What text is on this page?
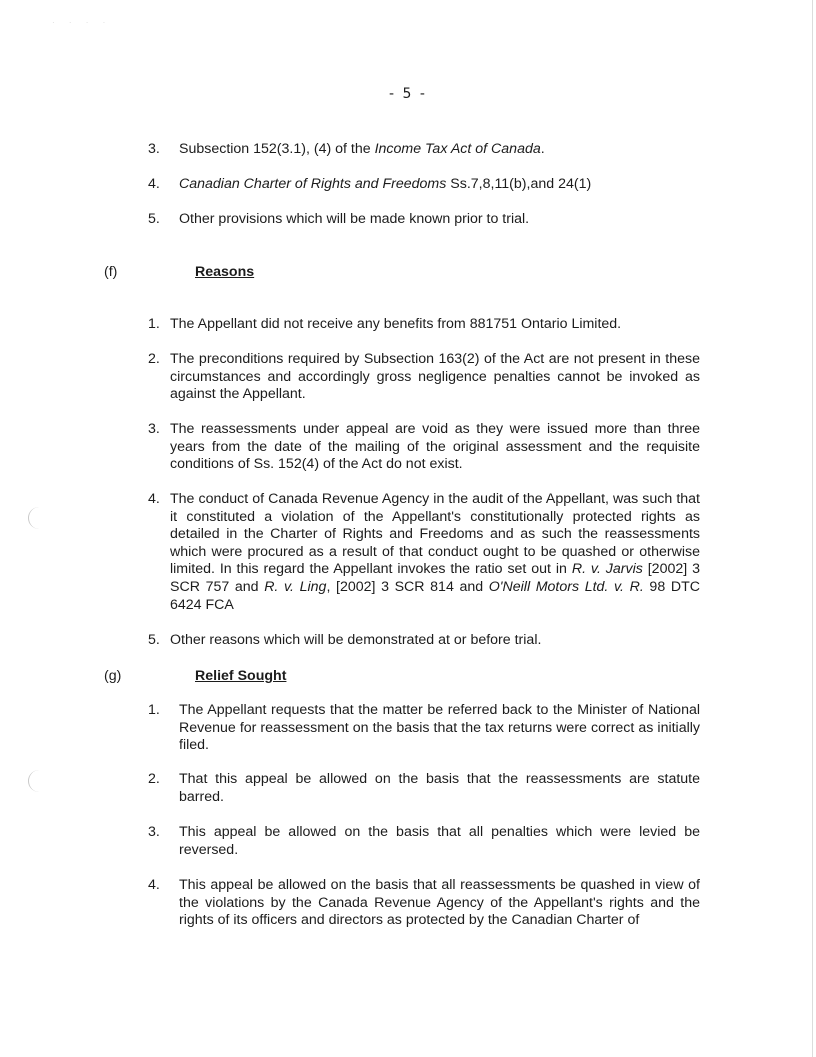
· · · ·
- 5 -
3.	Subsection 152(3.1), (4) of the Income Tax Act of Canada.
4.	Canadian Charter of Rights and Freedoms Ss.7,8,11(b),and 24(1)
5.	Other provisions which will be made known prior to trial.
(f)	Reasons
1. The Appellant did not receive any benefits from 881751 Ontario Limited.
2. The preconditions required by Subsection 163(2) of the Act are not present in these circumstances and accordingly gross negligence penalties cannot be invoked as against the Appellant.
3. The reassessments under appeal are void as they were issued more than three years from the date of the mailing of the original assessment and the requisite conditions of Ss. 152(4) of the Act do not exist.
4. The conduct of Canada Revenue Agency in the audit of the Appellant, was such that it constituted a violation of the Appellant's constitutionally protected rights as detailed in the Charter of Rights and Freedoms and as such the reassessments which were procured as a result of that conduct ought to be quashed or otherwise limited. In this regard the Appellant invokes the ratio set out in R. v. Jarvis [2002] 3 SCR 757 and R. v. Ling, [2002] 3 SCR 814 and O'Neill Motors Ltd. v. R. 98 DTC 6424 FCA
5. Other reasons which will be demonstrated at or before trial.
(g)	Relief Sought
1.	The Appellant requests that the matter be referred back to the Minister of National Revenue for reassessment on the basis that the tax returns were correct as initially filed.
2.	That this appeal be allowed on the basis that the reassessments are statute barred.
3.	This appeal be allowed on the basis that all penalties which were levied be reversed.
4.	This appeal be allowed on the basis that all reassessments be quashed in view of the violations by the Canada Revenue Agency of the Appellant's rights and the rights of its officers and directors as protected by the Canadian Charter of
